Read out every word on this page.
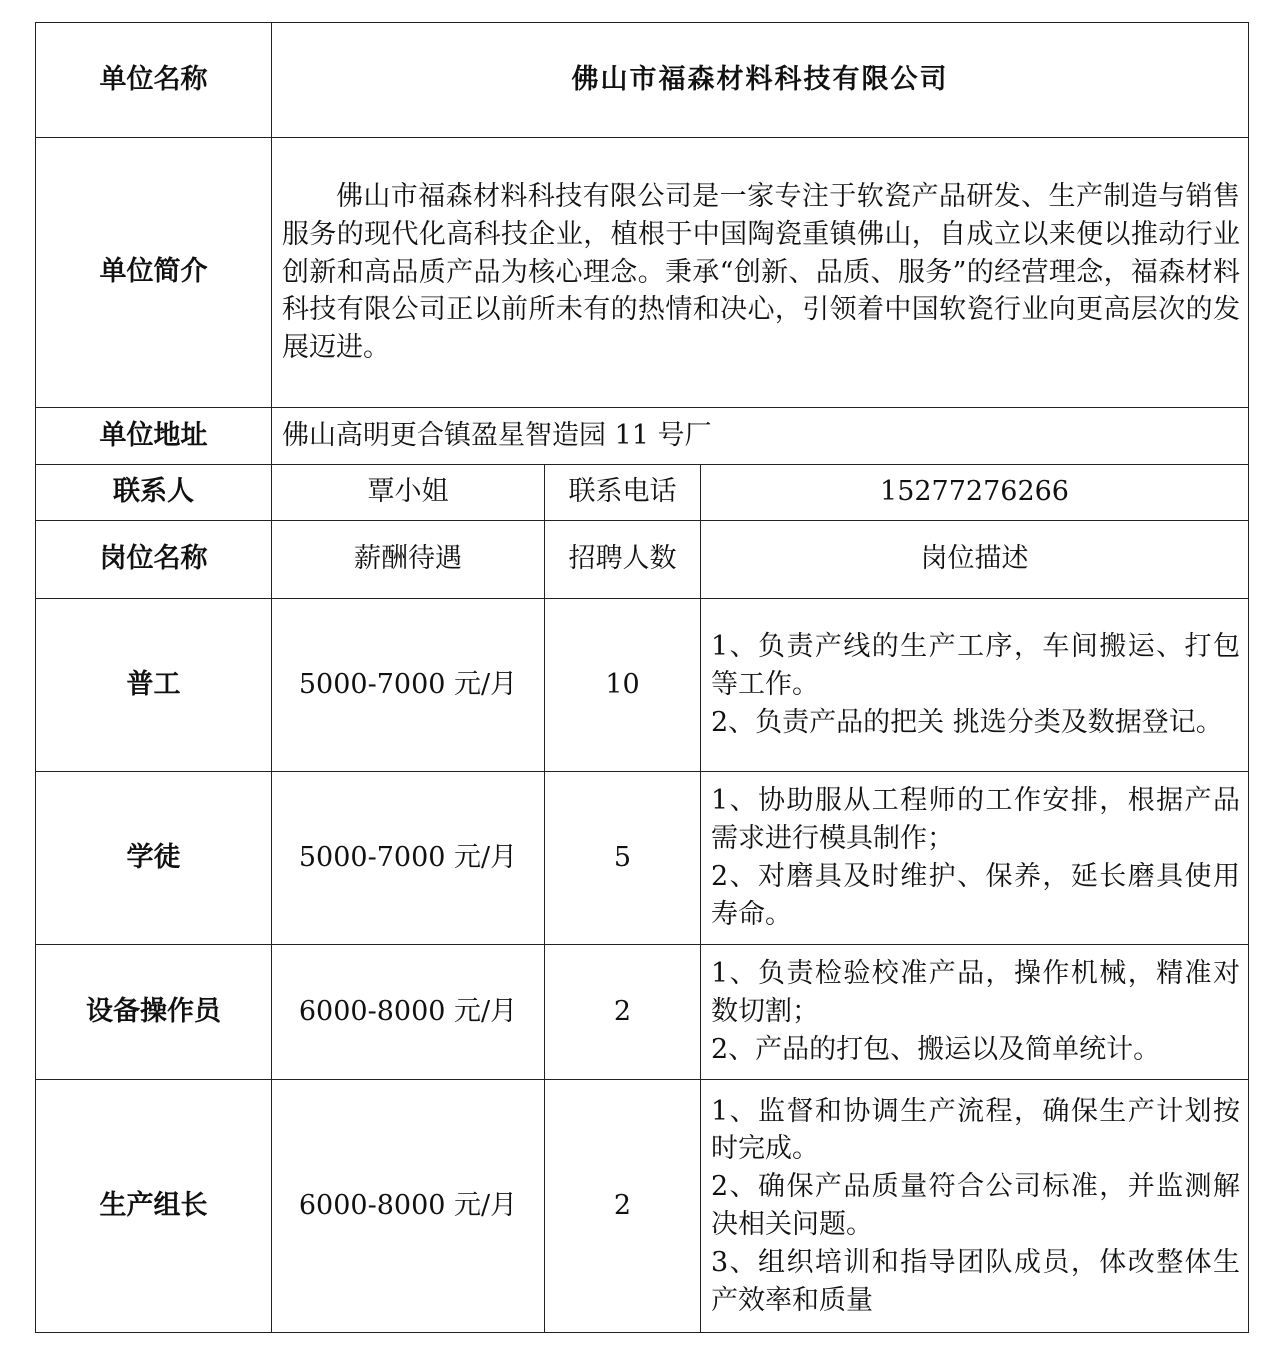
单位名称	佛山市福森材料科技有限公司		
单位简介	佛山市福森材料科技有限公司是一家专注于软瓷产品研发、生产制造与销售服务的现代化高科技企业，植根于中国陶瓷重镇佛山，自成立以来便以推动行业创新和高品质产品为核心理念。秉承“创新、品质、服务”的经营理念，福森材料科技有限公司正以前所未有的热情和决心，引领着中国软瓷行业向更高层次的发展迈进。		
单位地址	佛山高明更合镇盈星智造园 11 号厂		
联系人	覃小姐	联系电话	15277276266
岗位名称	薪酬待遇	招聘人数	岗位描述
普工	5000-7000 元/月	10	1、负责产线的生产工序，车间搬运、打包等工作。
2、负责产品的把关 挑选分类及数据登记。

学徒	5000-7000 元/月	5	1、协助服从工程师的工作安排，根据产品需求进行模具制作；
2、对磨具及时维护、保养，延长磨具使用寿命。

设备操作员	6000-8000 元/月	2	1、负责检验校准产品，操作机械，精准对数切割；
2、产品的打包、搬运以及简单统计。

生产组长	6000-8000 元/月	2	1、监督和协调生产流程，确保生产计划按时完成。
2、确保产品质量符合公司标准，并监测解决相关问题。
3、组织培训和指导团队成员，体改整体生产效率和质量
